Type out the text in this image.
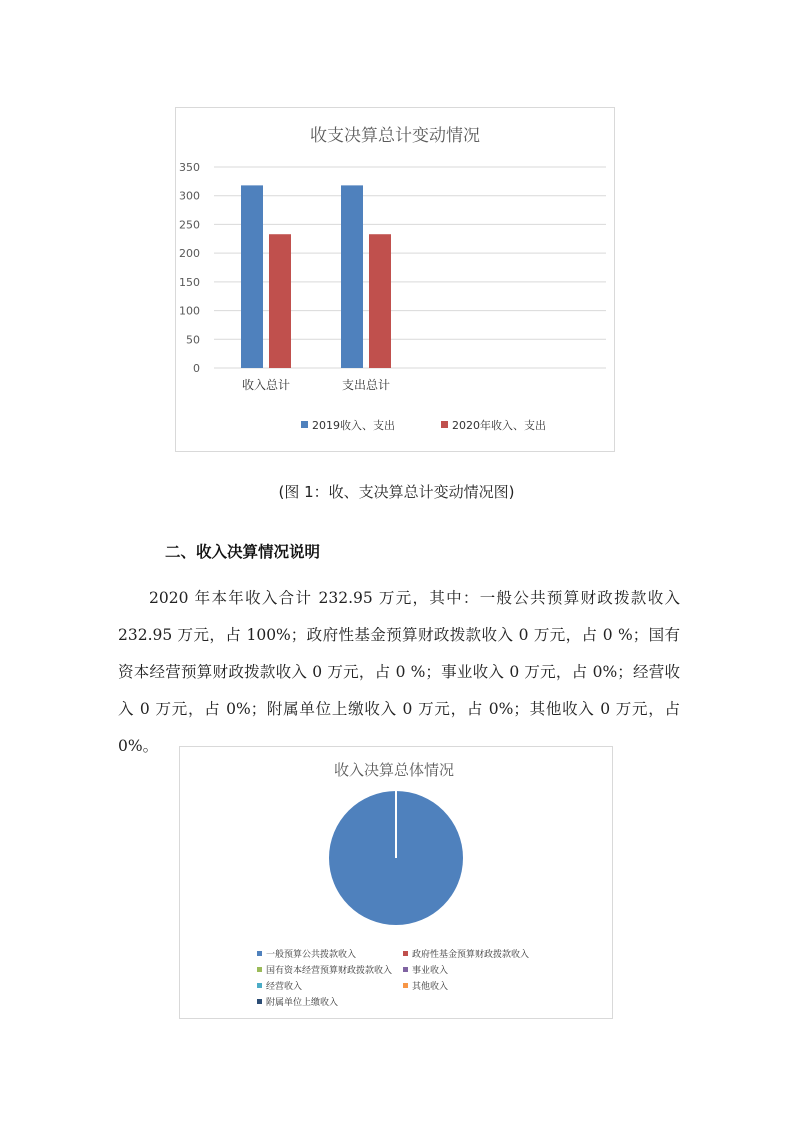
收支决算总计变动情况
0
50
100
150
200
250
300
350
收入总计	支出总计
2019收入、支出	2020年收入、支出
(图 1：收、支决算总计变动情况图)
二、收入决算情况说明
2020 年本年收入合计 232.95 万元，其中：一般公共预算财政拨款收入 232.95 万元，占 100%；政府性基金预算财政拨款收入 0 万元，占 0 %；国有资本经营预算财政拨款收入 0 万元，占 0 %；事业收入 0 万元，占 0%；经营收入 0 万元，占 0%；附属单位上缴收入 0 万元，占 0%；其他收入 0 万元，占 0%。
收入决算总体情况
一般预算公共拨款收入	政府性基金预算财政拨款收入
国有资本经营预算财政拨款收入 事业收入
经营收入	其他收入
附属单位上缴收入
